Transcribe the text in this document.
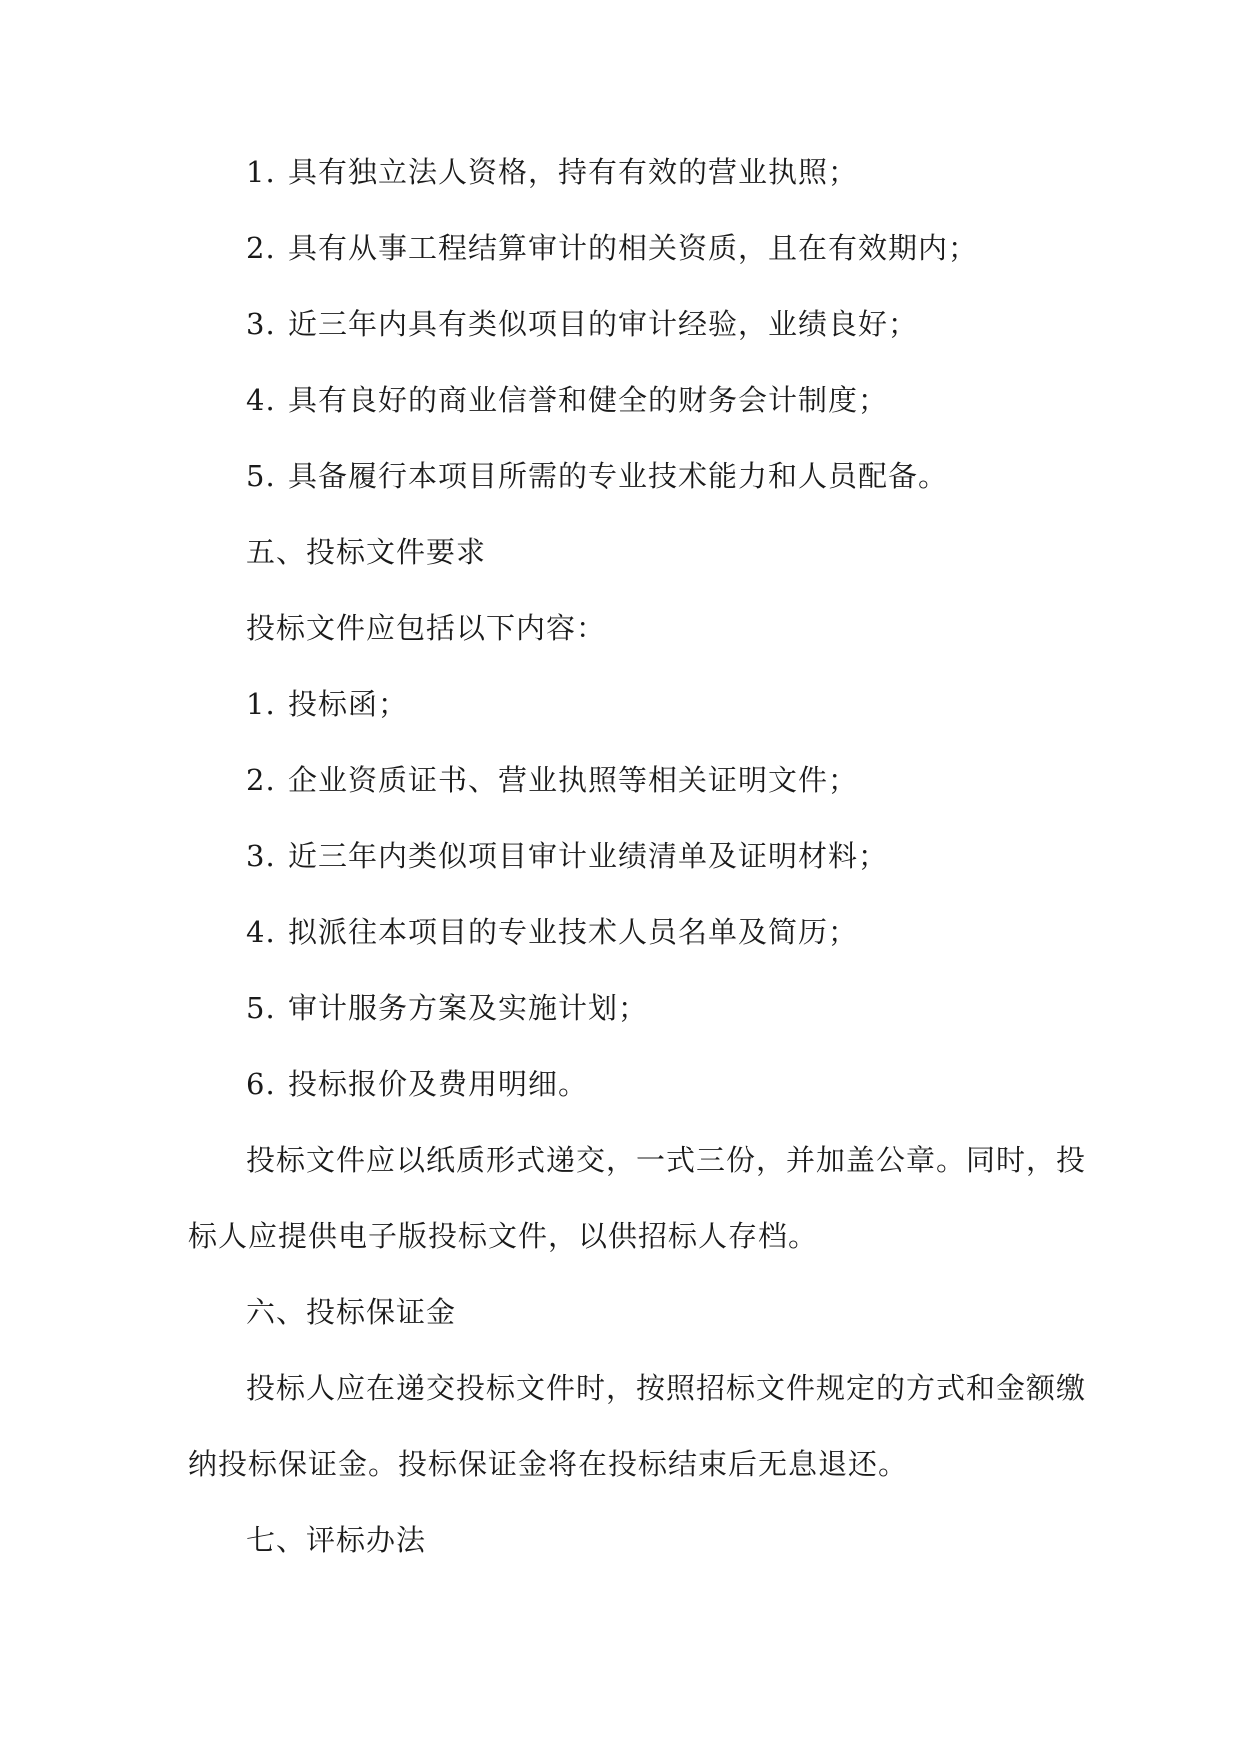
1. 具有独立法人资格，持有有效的营业执照；
2. 具有从事工程结算审计的相关资质，且在有效期内；
3. 近三年内具有类似项目的审计经验，业绩良好；
4. 具有良好的商业信誉和健全的财务会计制度；
5. 具备履行本项目所需的专业技术能力和人员配备。
五、投标文件要求
投标文件应包括以下内容：
1. 投标函；
2. 企业资质证书、营业执照等相关证明文件；
3. 近三年内类似项目审计业绩清单及证明材料；
4. 拟派往本项目的专业技术人员名单及简历；
5. 审计服务方案及实施计划；
6. 投标报价及费用明细。
投标文件应以纸质形式递交，一式三份，并加盖公章。同时，投
标人应提供电子版投标文件，以供招标人存档。
六、投标保证金
投标人应在递交投标文件时，按照招标文件规定的方式和金额缴
纳投标保证金。投标保证金将在投标结束后无息退还。
七、评标办法
